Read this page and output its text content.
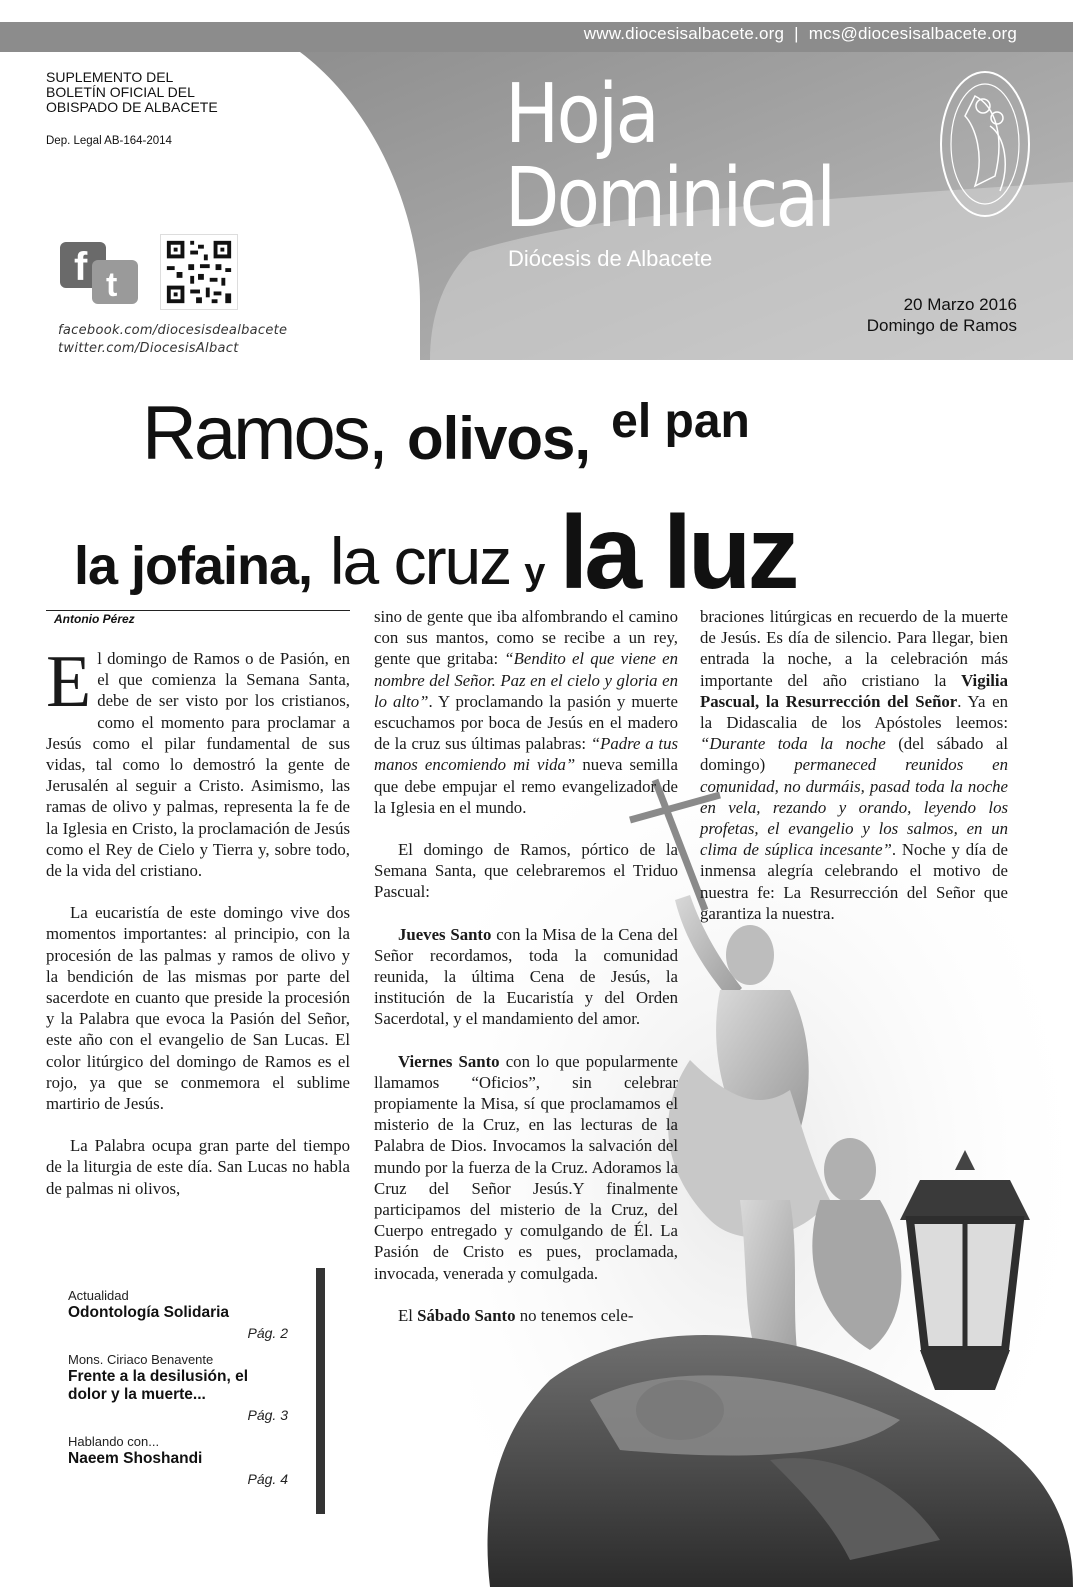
www.diocesisalbacete.org | mcs@diocesisalbacete.org
SUPLEMENTO DEL
BOLETÍN OFICIAL DEL
OBISPADO DE ALBACETE
Dep. Legal AB-164-2014
f t
facebook.com/diocesisdealbacete
twitter.com/DiocesisAlbact
Hoja
Dominical
Diócesis de Albacete
20 Marzo 2016
Domingo de Ramos
Ramos, olivos, $^{el pan}$
la jofaina, la cruz y la luz
Antonio Pérez

El domingo de Ramos o de Pasión, en el que comienza la Semana Santa, debe de ser visto por los cristianos, como el momento para proclamar a Jesús como el pilar fundamental de sus vidas, tal como lo demostró la gente de Jerusalén al seguir a Cristo. Asimismo, las ramas de olivo y palmas, representa la fe de la Iglesia en Cristo, la proclamación de Jesús como el Rey de Cielo y Tierra y, sobre todo, de la vida del cristiano.

La eucaristía de este domingo vive dos momentos importantes: al principio, con la procesión de las palmas y ramos de olivo y la bendición de las mismas por parte del sacerdote en cuanto que preside la procesión y la Palabra que evoca la Pasión del Señor, este año con el evangelio de San Lucas. El color litúrgico del domingo de Ramos es el rojo, ya que se conmemora el sublime martirio de Jesús.

La Palabra ocupa gran parte del tiempo de la liturgia de este día. San Lucas no habla de palmas ni olivos,

sino de gente que iba alfombrando el camino con sus mantos, como se recibe a un rey, gente que gritaba: “Bendito el que viene en nombre del Señor. Paz en el cielo y gloria en lo alto”. Y proclamando la pasión y muerte escuchamos por boca de Jesús en el madero de la cruz sus últimas palabras: “Padre a tus manos encomiendo mi vida” nueva semilla que debe empujar el remo evangelizador de la Iglesia en el mundo.

El domingo de Ramos, pórtico de la Semana Santa, que celebraremos el Triduo Pascual:

Jueves Santo con la Misa de la Cena del Señor recordamos, toda la comunidad reunida, la última Cena de Jesús, la institución de la Eucaristía y del Orden Sacerdotal, y el mandamiento del amor.

Viernes Santo con lo que popularmente llamamos “Oficios”, sin celebrar propiamente la Misa, sí que proclamamos el misterio de la Cruz, en las lecturas de la Palabra de Dios. Invocamos la salvación del mundo por la fuerza de la Cruz. Adoramos la Cruz del Señor Jesús.Y finalmente participamos del misterio de la Cruz, del Cuerpo entregado y comulgando de Él. La Pasión de Cristo es pues, proclamada, invocada, venerada y comulgada.

El Sábado Santo no tenemos cele-

braciones litúrgicas en recuerdo de la muerte de Jesús. Es día de silencio. Para llegar, bien entrada la noche, a la celebración más importante del año cristiano la Vigilia Pascual, la Resurrección del Señor. Ya en la Didascalia de los Apóstoles leemos: “Durante toda la noche (del sábado al domingo) permaneced reunidos en comunidad, no durmáis, pasad toda la noche en vela, rezando y orando, leyendo los profetas, el evangelio y los salmos, en un clima de súplica incesante”. Noche y día de inmensa alegría celebrando el motivo de nuestra fe: La Resurrección del Señor que garantiza la nuestra.

Actualidad
Odontología Solidaria
Pág. 2
Mons. Ciriaco Benavente
Frente a la desilusión, el dolor y la muerte...
Pág. 3
Hablando con...
Naeem Shoshandi
Pág. 4
